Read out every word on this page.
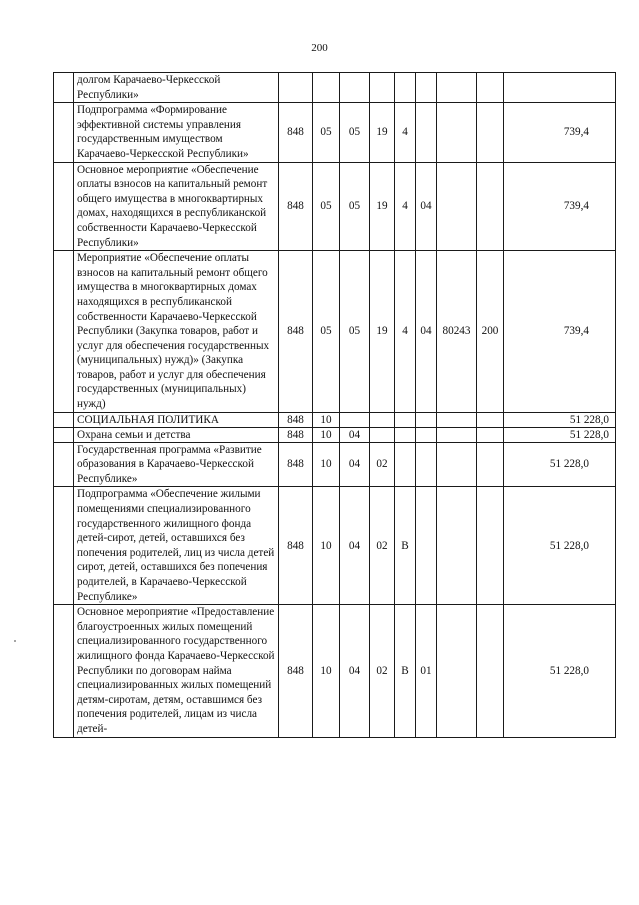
200

	долгом Карачаево-Черкесской Республики»									

	Подпрограмма «Формирование эффективной системы управления государственным имуществом Карачаево-Черкесской Республики»	848	05	05	19	4				739,4

	Основное мероприятие «Обеспечение оплаты взносов на капитальный ремонт общего имущества в многоквартирных домах, находящихся в республиканской собственности Карачаево-Черкесской Республики»	848	05	05	19	4	04			739,4

	Мероприятие «Обеспечение оплаты взносов на капитальный ремонт общего имущества в многоквартирных домах находящихся в республиканской собственности Карачаево-Черкесской Республики (Закупка товаров, работ и услуг для обеспечения государственных (муниципальных) нужд)» (Закупка товаров, работ и услуг для обеспечения государственных (муниципальных) нужд)	848	05	05	19	4	04	80243	200	739,4

	СОЦИАЛЬНАЯ ПОЛИТИКА	848	10							51 228,0

	Охрана семьи и детства	848	10	04						51 228,0

	Государственная программа «Развитие образования в Карачаево-Черкесской Республике»	848	10	04	02					51 228,0

	Подпрограмма «Обеспечение жилыми помещениями специализированного государственного жилищного фонда детей-сирот, детей, оставшихся без попечения родителей, лиц из числа детей сирот, детей, оставшихся без попечения родителей, в Карачаево-Черкесской Республике»	848	10	04	02	В				51 228,0

	Основное мероприятие «Предоставление благоустроенных жилых помещений специализированного государственного жилищного фонда Карачаево-Черкесской Республики по договорам найма специализированных жилых помещений детям-сиротам, детям, оставшимся без попечения родителей, лицам из числа детей-	848	10	04	02	В	01			51 228,0
